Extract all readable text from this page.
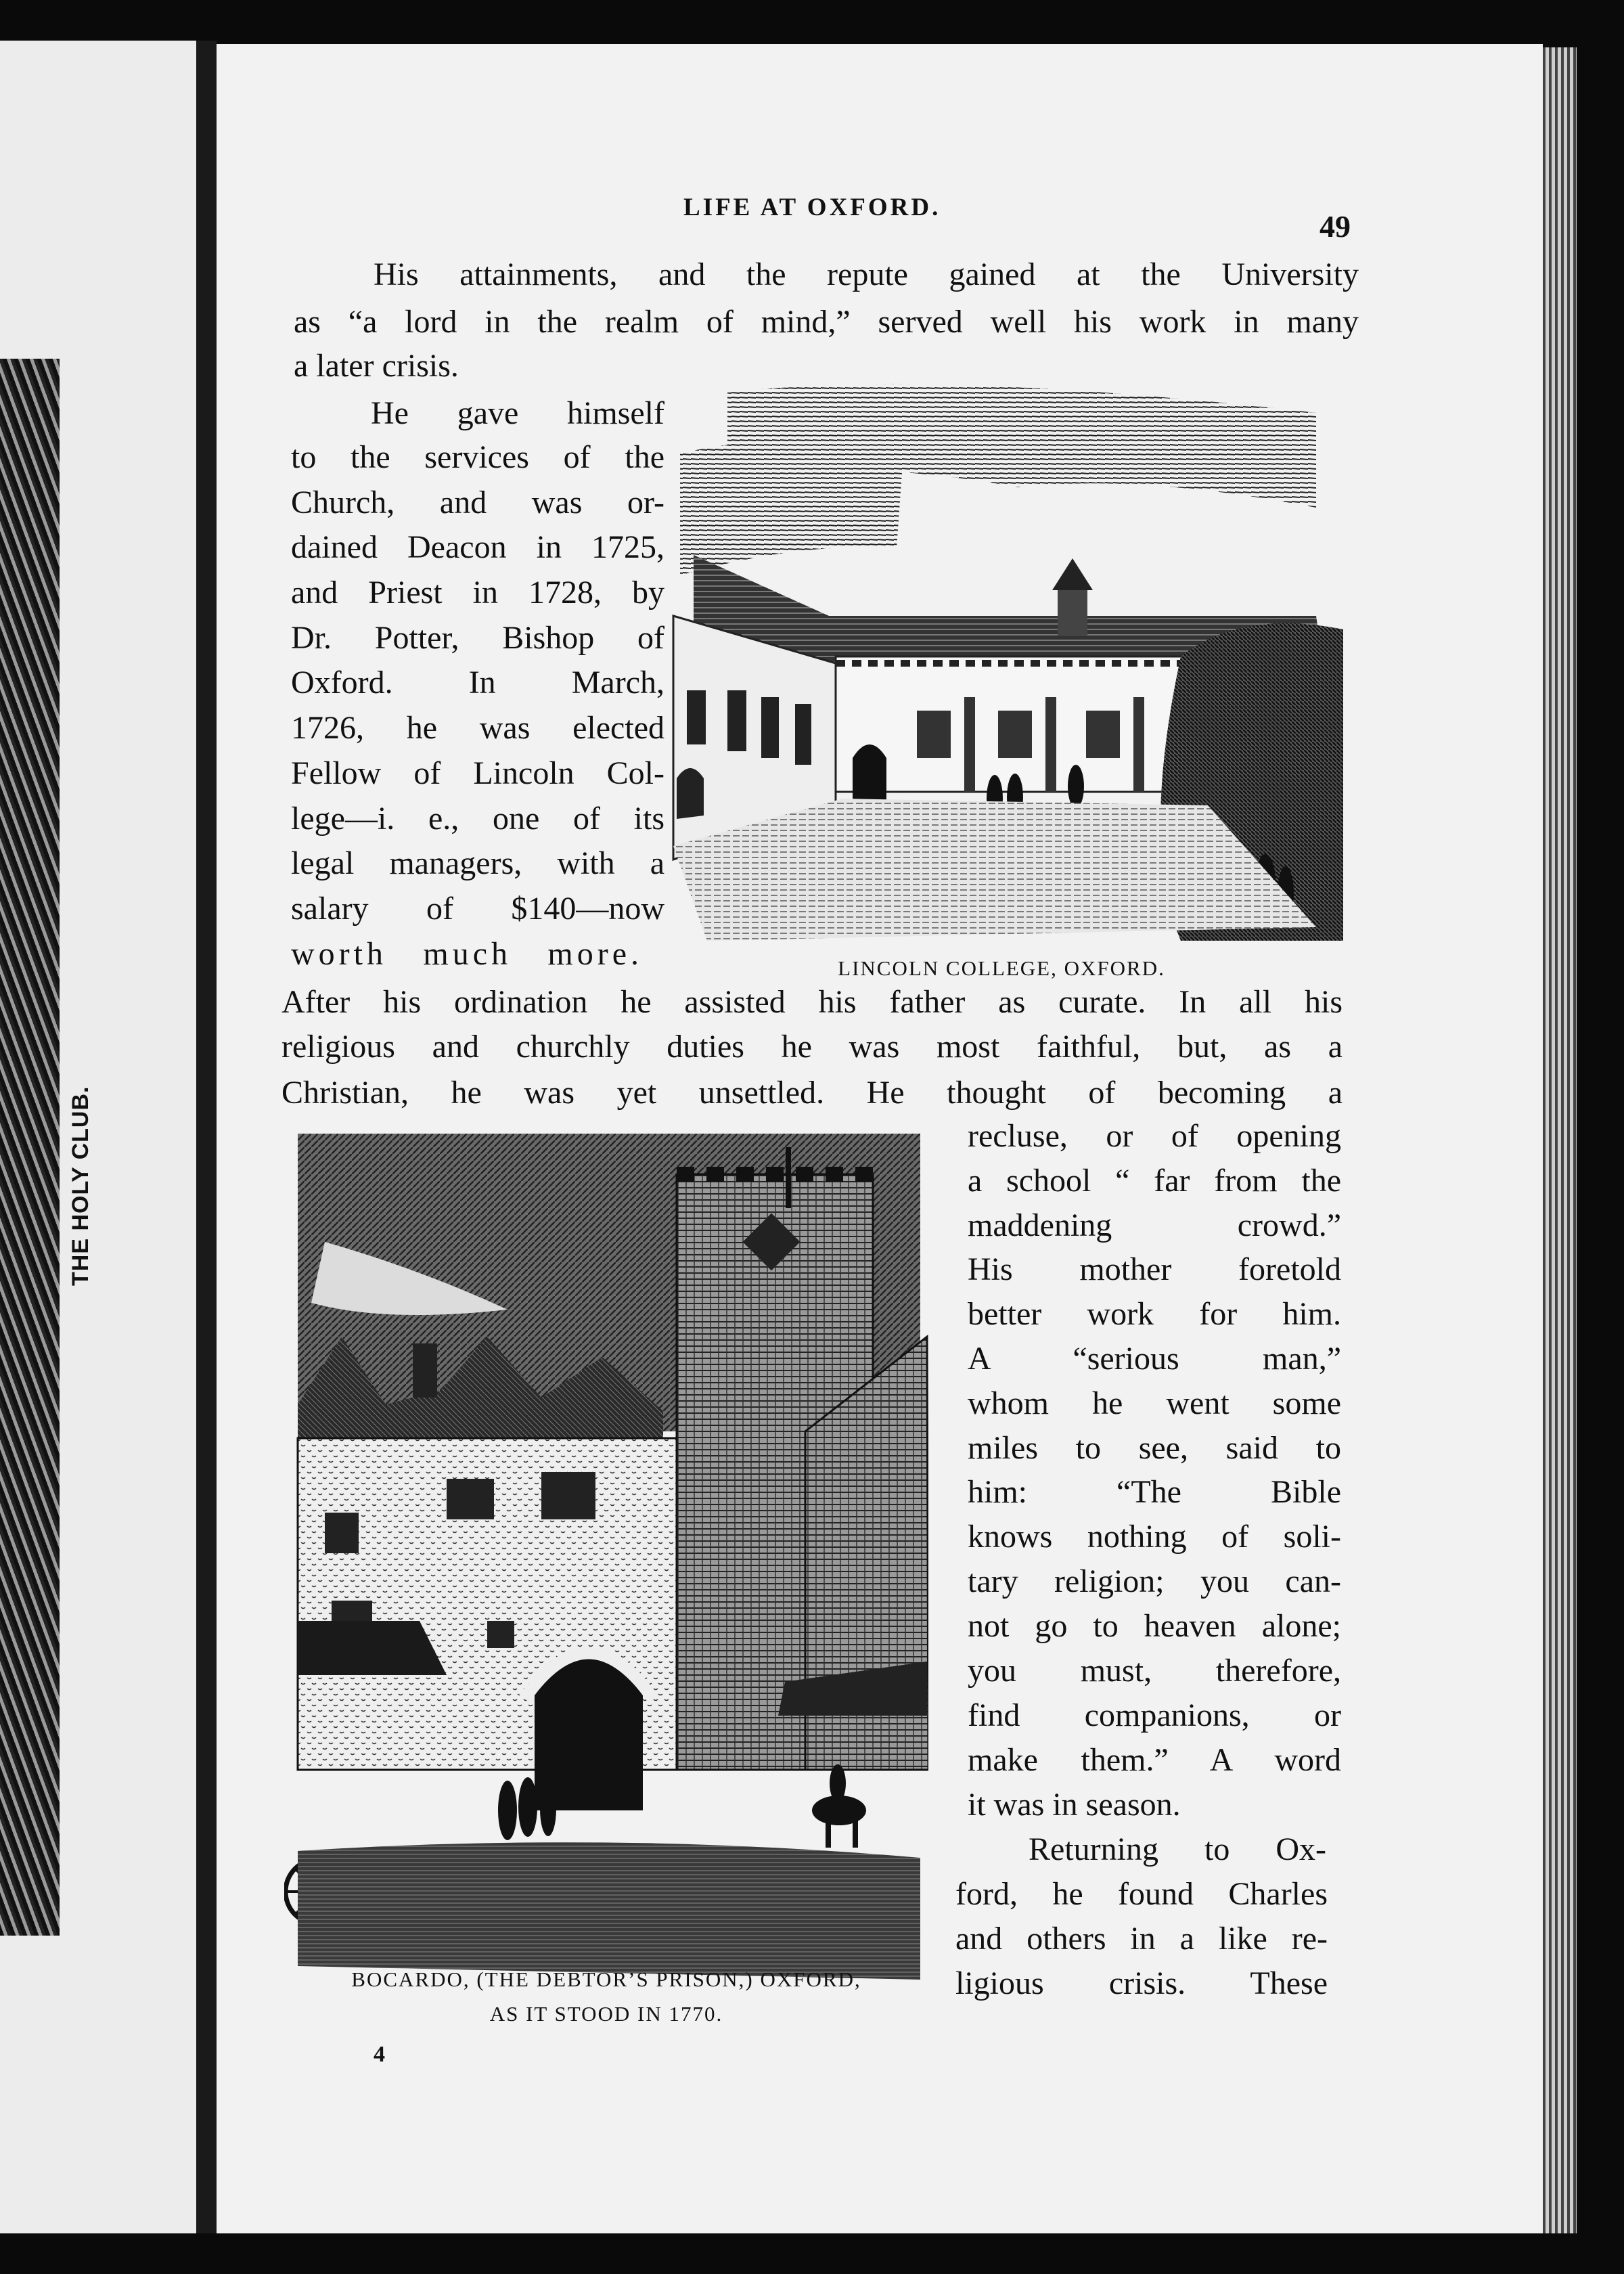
THE HOLY CLUB.
LIFE AT OXFORD.
49
His attainments, and the repute gained at the University
as “a lord in the realm of mind,” served well his work in many
a later crisis.
He gave himself
to the services of the
Church, and was or-
dained Deacon in 1725,
and Priest in 1728, by
Dr. Potter, Bishop of
Oxford. In March,
1726, he was elected
Fellow of Lincoln Col-
lege—i. e., one of its
legal managers, with a
salary of $140—now
worth much more.	LINCOLN COLLEGE, OXFORD.
After his ordination he assisted his father as curate. In all his
religious and churchly duties he was most faithful, but, as a
Christian, he was yet unsettled. He thought of becoming a
BOCARDO, (THE DEBTOR’S PRISON,) OXFORD,
AS IT STOOD IN 1770.
recluse, or of opening
a school “ far from the
maddening crowd.”
His mother foretold
better work for him.
A “serious man,”
whom he went some
miles to see, said to
him: “The Bible
knows nothing of soli-
tary religion; you can-
not go to heaven alone;
you must, therefore,
find companions, or
make them.” A word
it was in season.
Returning to Ox-
ford, he found Charles
and others in a like re-
ligious crisis. These
4
